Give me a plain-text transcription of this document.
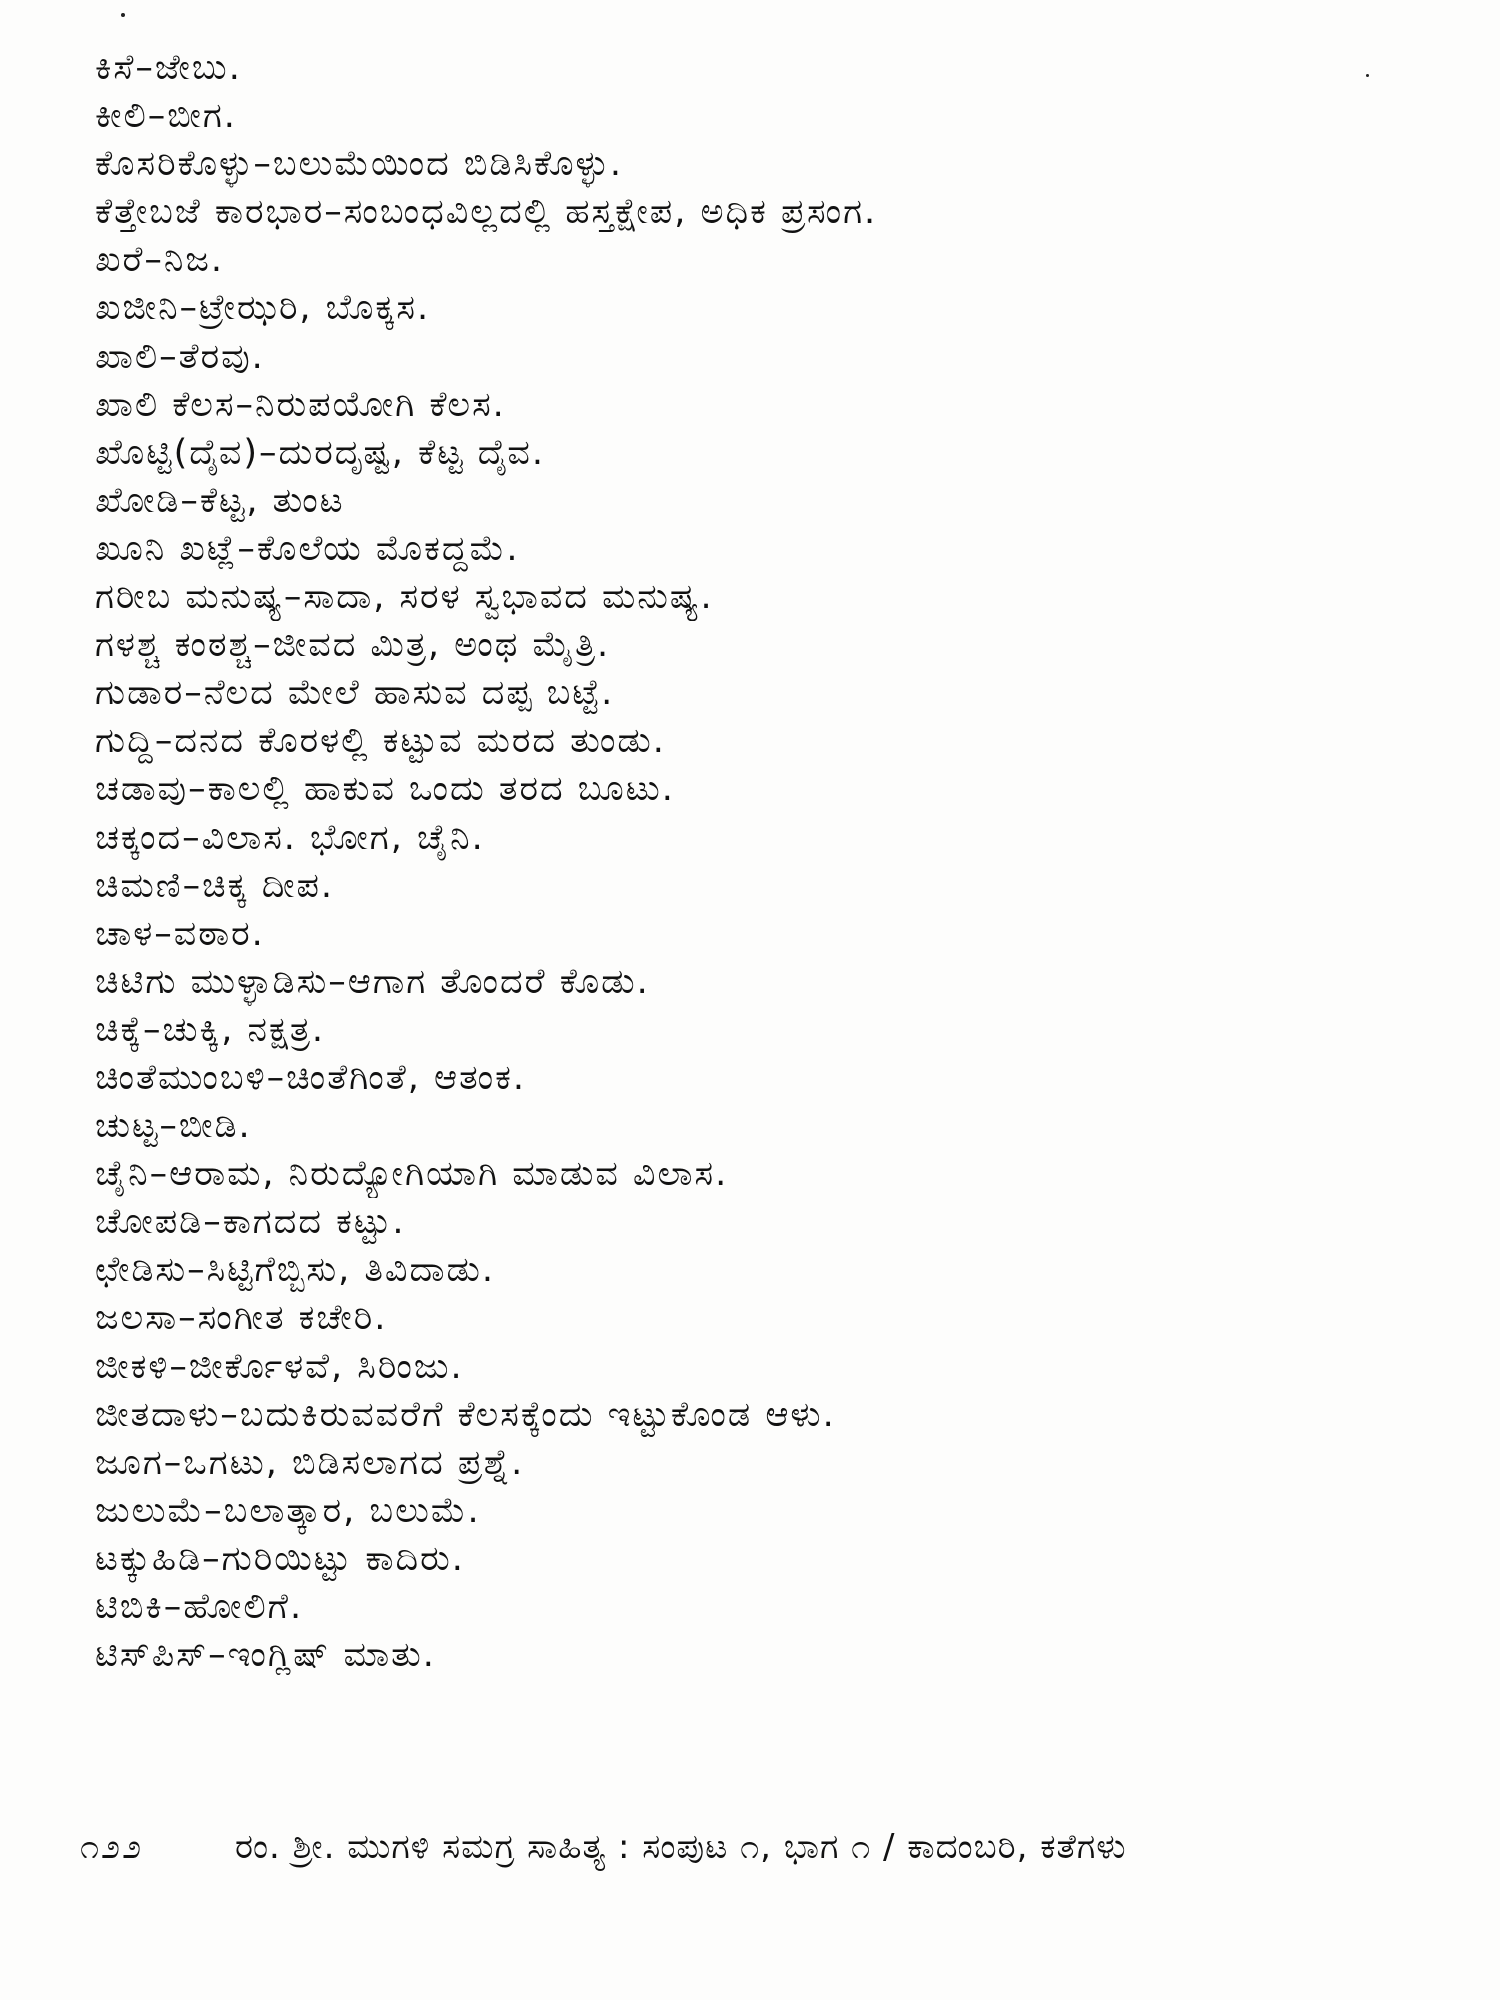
ಕಿಸೆ–ಜೇಬು.
ಕೀಲಿ–ಬೀಗ.
ಕೊಸರಿಕೊಳ್ಳು–ಬಲುಮೆಯಿಂದ ಬಿಡಿಸಿಕೊಳ್ಳು.
ಕೆತ್ತೇಬಜೆ ಕಾರಭಾರ–ಸಂಬಂಧವಿಲ್ಲದಲ್ಲಿ ಹಸ್ತಕ್ಷೇಪ, ಅಧಿಕ ಪ್ರಸಂಗ.
ಖರೆ–ನಿಜ.
ಖಜೀನಿ–ಟ್ರೇಝರಿ, ಬೊಕ್ಕಸ.
ಖಾಲಿ–ತೆರವು.
ಖಾಲಿ ಕೆಲಸ–ನಿರುಪಯೋಗಿ ಕೆಲಸ.
ಖೊಟ್ಟಿ(ದೈವ)–ದುರದೃಷ್ಟ, ಕೆಟ್ಟ ದೈವ.
ಖೋಡಿ–ಕೆಟ್ಟ, ತುಂಟ
ಖೂನಿ ಖಟ್ಲೆ–ಕೊಲೆಯ ಮೊಕದ್ದಮೆ.
ಗರೀಬ ಮನುಷ್ಯ–ಸಾದಾ, ಸರಳ ಸ್ವಭಾವದ ಮನುಷ್ಯ.
ಗಳಶ್ಚ ಕಂಠಶ್ಚ–ಜೀವದ ಮಿತ್ರ, ಅಂಥ ಮೈತ್ರಿ.
ಗುಡಾರ–ನೆಲದ ಮೇಲೆ ಹಾಸುವ ದಪ್ಪ ಬಟ್ಟೆ.
ಗುದ್ದಿ–ದನದ ಕೊರಳಲ್ಲಿ ಕಟ್ಟುವ ಮರದ ತುಂಡು.
ಚಡಾವು–ಕಾಲಲ್ಲಿ ಹಾಕುವ ಒಂದು ತರದ ಬೂಟು.
ಚಕ್ಕಂದ–ವಿಲಾಸ. ಭೋಗ, ಚೈನಿ.
ಚಿಮಣಿ–ಚಿಕ್ಕ ದೀಪ.
ಚಾಳ–ವಠಾರ.
ಚಿಟಿಗು ಮುಳ್ಳಾಡಿಸು–ಆಗಾಗ ತೊಂದರೆ ಕೊಡು.
ಚಿಕ್ಕೆ–ಚುಕ್ಕಿ, ನಕ್ಷತ್ರ.
ಚಿಂತೆಮುಂಬಳಿ–ಚಿಂತೆಗಿಂತೆ, ಆತಂಕ.
ಚುಟ್ಟ–ಬೀಡಿ.
ಚೈನಿ–ಆರಾಮ, ನಿರುದ್ಯೋಗಿಯಾಗಿ ಮಾಡುವ ವಿಲಾಸ.
ಚೋಪಡಿ–ಕಾಗದದ ಕಟ್ಟು.
ಛೇಡಿಸು–ಸಿಟ್ಟಿಗೆಬ್ಬಿಸು, ತಿವಿದಾಡು.
ಜಲಸಾ–ಸಂಗೀತ ಕಚೇರಿ.
ಜೀಕಳಿ–ಜೀರ್ಕೊಳವೆ, ಸಿರಿಂಜು.
ಜೀತದಾಳು–ಬದುಕಿರುವವರೆಗೆ ಕೆಲಸಕ್ಕೆಂದು ಇಟ್ಟುಕೊಂಡ ಆಳು.
ಜೂಗ–ಒಗಟು, ಬಿಡಿಸಲಾಗದ ಪ್ರಶ್ನೆ.
ಜುಲುಮೆ–ಬಲಾತ್ಕಾರ, ಬಲುಮೆ.
ಟಕ್ಕುಹಿಡಿ–ಗುರಿಯಿಟ್ಟು ಕಾದಿರು.
ಟಿಬಿಕಿ–ಹೋಲಿಗೆ.
ಟಿಸ್‌ಪಿಸ್–ಇಂಗ್ಲಿಷ್ ಮಾತು.
೧೨೨	ರಂ. ಶ್ರೀ. ಮುಗಳಿ ಸಮಗ್ರ ಸಾಹಿತ್ಯ : ಸಂಪುಟ ೧, ಭಾಗ ೧ / ಕಾದಂಬರಿ, ಕತೆಗಳು
